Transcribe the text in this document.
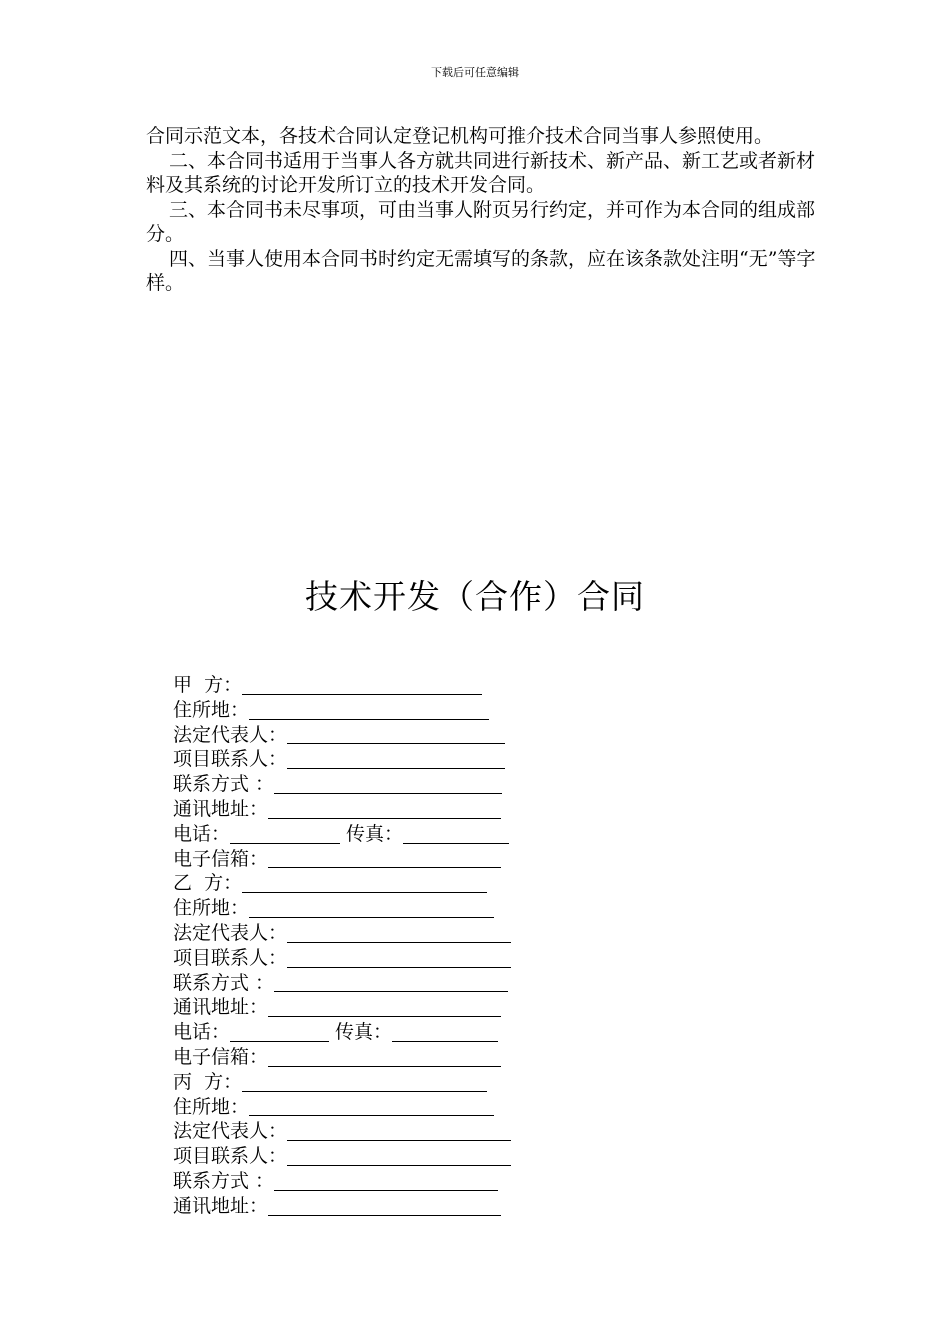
下载后可任意编辑

合同示范文本，各技术合同认定登记机构可推介技术合同当事人参照使用。

二、本合同书适用于当事人各方就共同进行新技术、新产品、新工艺或者新材料及其系统的讨论开发所订立的技术开发合同。

三、本合同书未尽事项，可由当事人附页另行约定，并可作为本合同的组成部分。

四、当事人使用本合同书时约定无需填写的条款，应在该条款处注明“无”等字样。

技术开发（合作）合同
甲  方：
住所地：
法定代表人：
项目联系人：
联系方式 ：
通讯地址：
电话：	传真：
电子信箱：
乙  方：
住所地：
法定代表人：
项目联系人：
联系方式 ：
通讯地址：
电话：	传真：
电子信箱：
丙  方：
住所地：
法定代表人：
项目联系人：
联系方式 ：
通讯地址：
